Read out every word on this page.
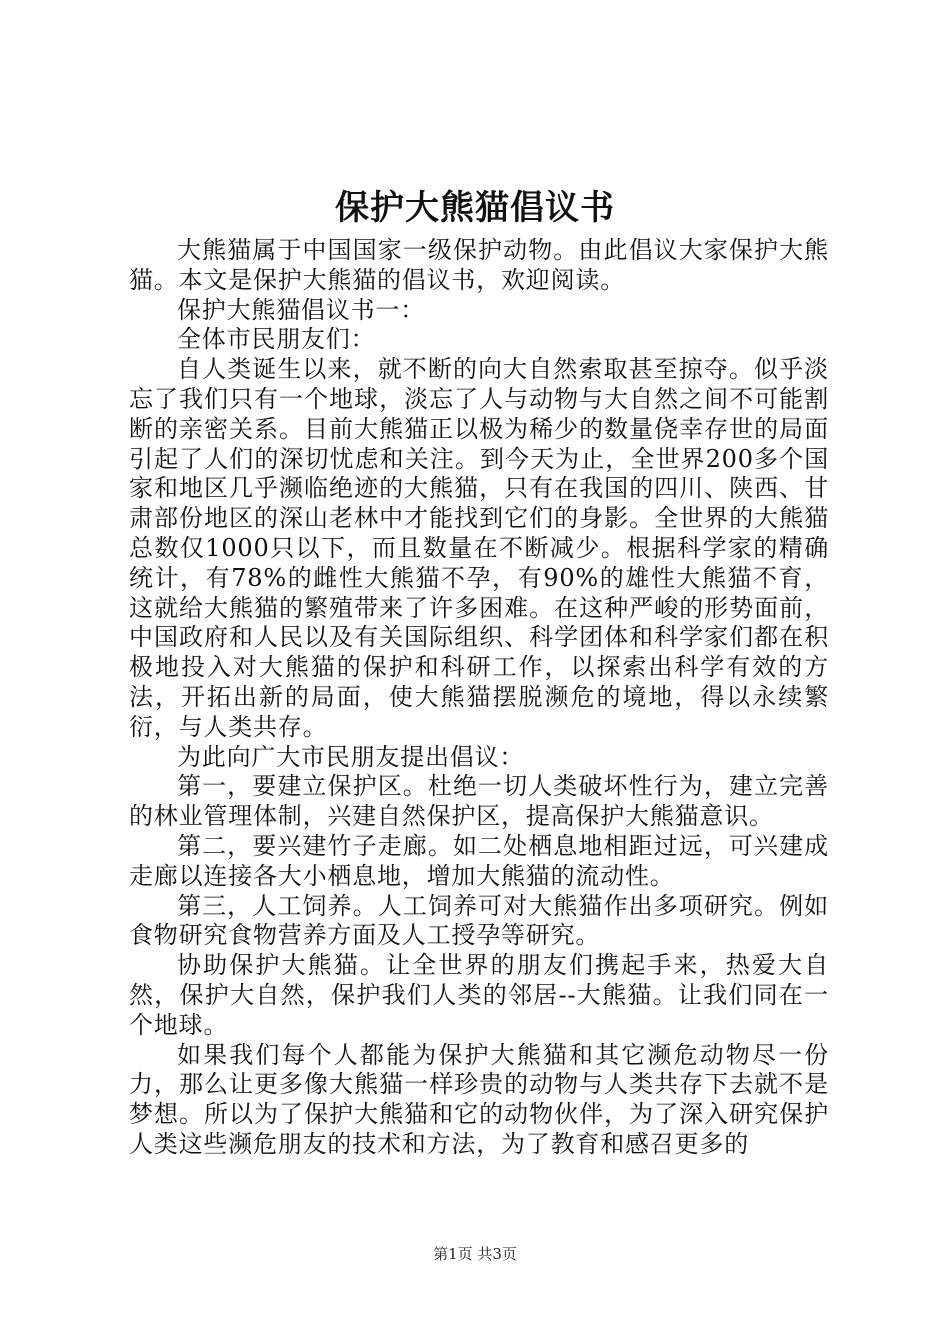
保护大熊猫倡议书

大熊猫属于中国国家一级保护动物。由此倡议大家保护大熊猫。本文是保护大熊猫的倡议书，欢迎阅读。

保护大熊猫倡议书一：

全体市民朋友们：

自人类诞生以来，就不断的向大自然索取甚至掠夺。似乎淡忘了我们只有一个地球，淡忘了人与动物与大自然之间不可能割断的亲密关系。目前大熊猫正以极为稀少的数量侥幸存世的局面引起了人们的深切忧虑和关注。到今天为止，全世界200多个国家和地区几乎濒临绝迹的大熊猫，只有在我国的四川、陕西、甘肃部份地区的深山老林中才能找到它们的身影。全世界的大熊猫总数仅1000只以下，而且数量在不断减少。根据科学家的精确统计，有78%的雌性大熊猫不孕，有90%的雄性大熊猫不育，这就给大熊猫的繁殖带来了许多困难。在这种严峻的形势面前，中国政府和人民以及有关国际组织、科学团体和科学家们都在积极地投入对大熊猫的保护和科研工作，以探索出科学有效的方法，开拓出新的局面，使大熊猫摆脱濒危的境地，得以永续繁衍，与人类共存。

为此向广大市民朋友提出倡议：

第一，要建立保护区。杜绝一切人类破坏性行为，建立完善的林业管理体制，兴建自然保护区，提高保护大熊猫意识。

第二，要兴建竹子走廊。如二处栖息地相距过远，可兴建成走廊以连接各大小栖息地，增加大熊猫的流动性。

第三，人工饲养。人工饲养可对大熊猫作出多项研究。例如食物研究食物营养方面及人工授孕等研究。

协助保护大熊猫。让全世界的朋友们携起手来，热爱大自然，保护大自然，保护我们人类的邻居--大熊猫。让我们同在一个地球。

如果我们每个人都能为保护大熊猫和其它濒危动物尽一份力，那么让更多像大熊猫一样珍贵的动物与人类共存下去就不是梦想。所以为了保护大熊猫和它的动物伙伴，为了深入研究保护人类这些濒危朋友的技术和方法，为了教育和感召更多的

第1页 共3页
